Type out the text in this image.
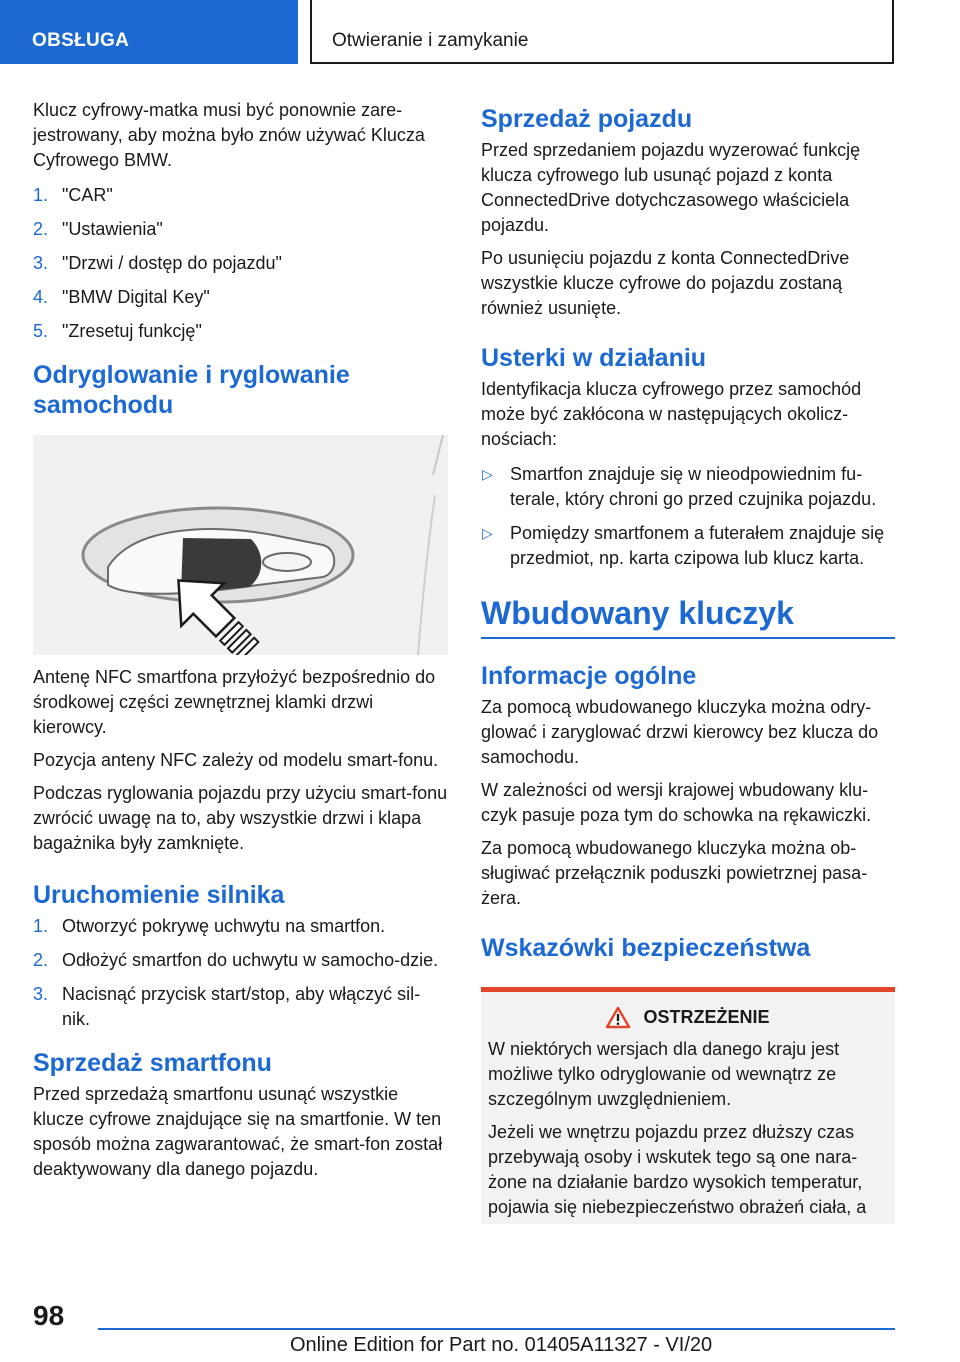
OBSŁUGA	Otwieranie i zamykanie

Klucz cyfrowy-matka musi być ponownie zare-jestrowany, aby można było znów używać Klucza Cyfrowego BMW.

1. "CAR"
2. "Ustawienia"
3. "Drzwi / dostęp do pojazdu"
4. "BMW Digital Key"
5. "Zresetuj funkcję"
Odryglowanie i ryglowanie samochodu

Antenę NFC smartfona przyłożyć bezpośrednio do środkowej części zewnętrznej klamki drzwi kierowcy.

Pozycja anteny NFC zależy od modelu smart-fonu.

Podczas ryglowania pojazdu przy użyciu smart-fonu zwrócić uwagę na to, aby wszystkie drzwi i klapa bagażnika były zamknięte.

Uruchomienie silnika
1. Otworzyć pokrywę uchwytu na smartfon.
2. Odłożyć smartfon do uchwytu w samocho-dzie.
3. Nacisnąć przycisk start/stop, aby włączyć sil-nik.
Sprzedaż smartfonu

Przed sprzedażą smartfonu usunąć wszystkie klucze cyfrowe znajdujące się na smartfonie. W ten sposób można zagwarantować, że smart-fon został deaktywowany dla danego pojazdu.

Sprzedaż pojazdu

Przed sprzedaniem pojazdu wyzerować funkcję klucza cyfrowego lub usunąć pojazd z konta ConnectedDrive dotychczasowego właściciela pojazdu.

Po usunięciu pojazdu z konta ConnectedDrive wszystkie klucze cyfrowe do pojazdu zostaną również usunięte.

Usterki w działaniu

Identyfikacja klucza cyfrowego przez samochód może być zakłócona w następujących okolicz-nościach:

▷ Smartfon znajduje się w nieodpowiednim fu-terale, który chroni go przed czujnika pojazdu.
▷ Pomiędzy smartfonem a futerałem znajduje się przedmiot, np. karta czipowa lub klucz karta.
Wbudowany kluczyk
Informacje ogólne

Za pomocą wbudowanego kluczyka można odry-glować i zaryglować drzwi kierowcy bez klucza do samochodu.

W zależności od wersji krajowej wbudowany klu-czyk pasuje poza tym do schowka na rękawiczki.

Za pomocą wbudowanego kluczyka można ob-sługiwać przełącznik poduszki powietrznej pasa-żera.

Wskazówki bezpieczeństwa
OSTRZEŻENIE

W niektórych wersjach dla danego kraju jest możliwe tylko odryglowanie od wewnątrz ze szczególnym uwzględnieniem.

Jeżeli we wnętrzu pojazdu przez dłuższy czas przebywają osoby i wskutek tego są one nara-żone na działanie bardzo wysokich temperatur, pojawia się niebezpieczeństwo obrażeń ciała, a

98
Online Edition for Part no. 01405A11327 - VI/20
